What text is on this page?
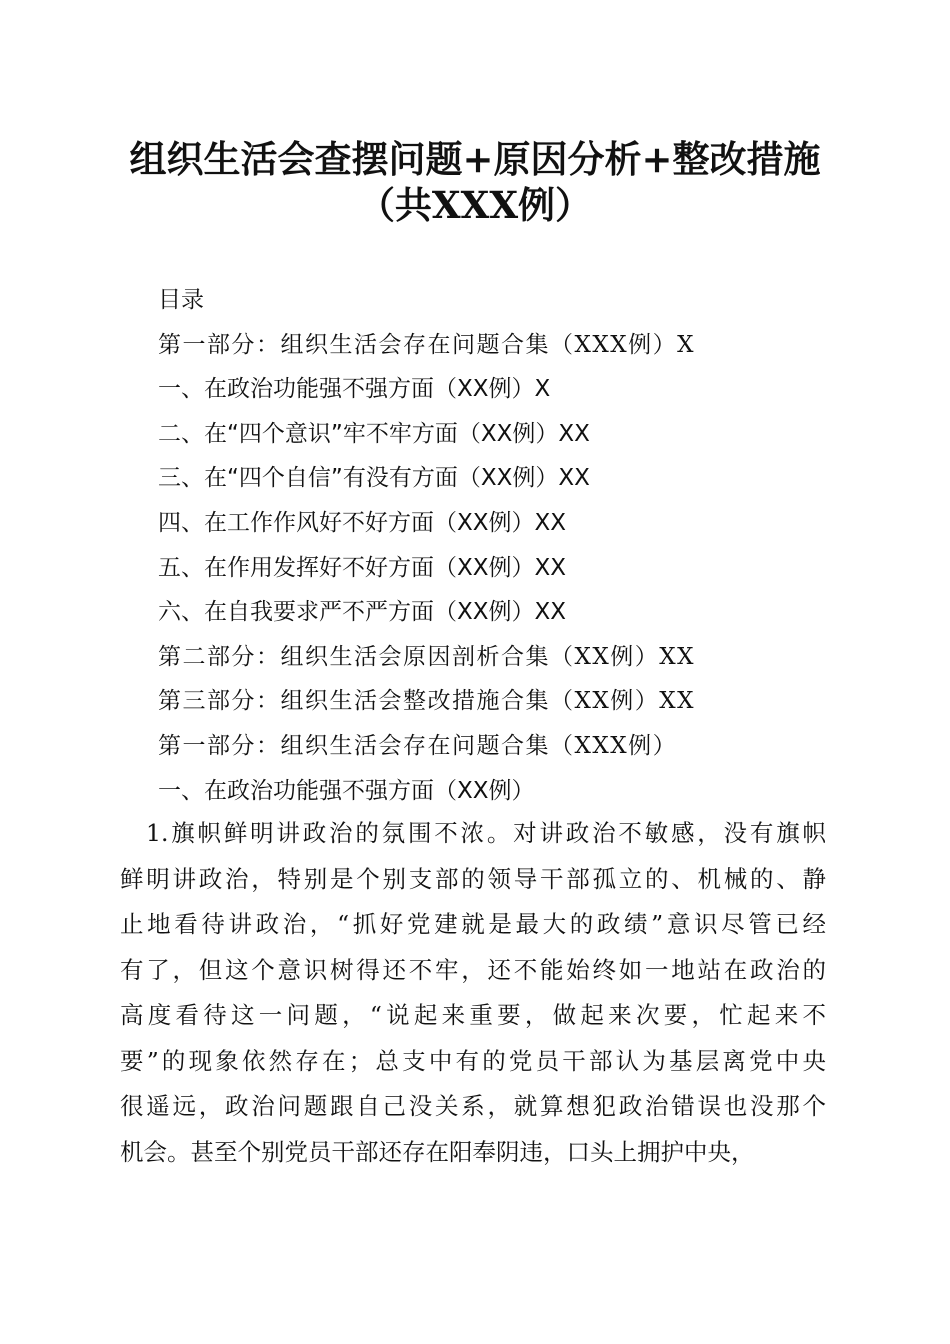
组织生活会查摆问题+原因分析+整改措施
（共XXX例）
目录
第一部分：组织生活会存在问题合集（XXX例）X
一、在政治功能强不强方面（XX例）X
二、在“四个意识”牢不牢方面（XX例）XX
三、在“四个自信”有没有方面（XX例）XX
四、在工作作风好不好方面（XX例）XX
五、在作用发挥好不好方面（XX例）XX
六、在自我要求严不严方面（XX例）XX
第二部分：组织生活会原因剖析合集（XX例）XX
第三部分：组织生活会整改措施合集（XX例）XX
第一部分：组织生活会存在问题合集（XXX例）
一、在政治功能强不强方面（XX例）
1.旗帜鲜明讲政治的氛围不浓。对讲政治不敏感，没有旗帜
鲜明讲政治，特别是个别支部的领导干部孤立的、机械的、静
止地看待讲政治，“抓好党建就是最大的政绩”意识尽管已经
有了，但这个意识树得还不牢，还不能始终如一地站在政治的
高度看待这一问题，“说起来重要，做起来次要，忙起来不
要”的现象依然存在；总支中有的党员干部认为基层离党中央
很遥远，政治问题跟自己没关系，就算想犯政治错误也没那个
机会。甚至个别党员干部还存在阳奉阴违，口头上拥护中央，
